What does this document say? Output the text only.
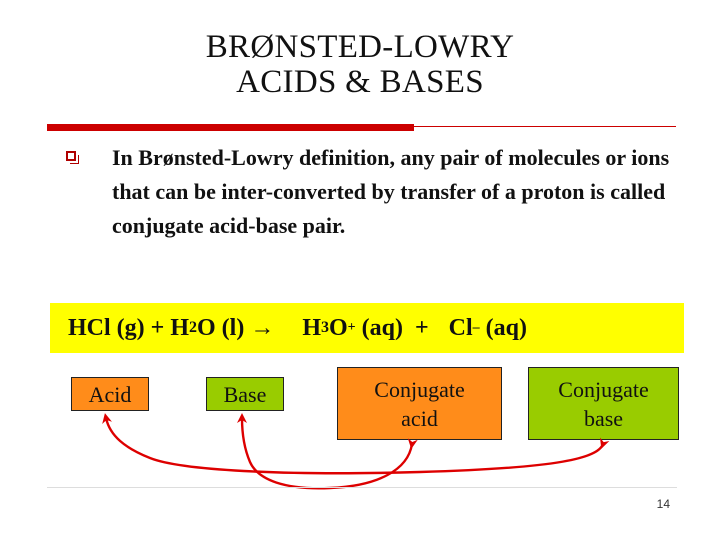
BRØNSTED-LOWRY
ACIDS & BASES
In Brønsted-Lowry definition, any pair of molecules or ions that can be inter-converted by transfer of a proton is called conjugate acid-base pair.
HCl (g) + H 2 O (l) → H 3 O + (aq)  + Cl – (aq)
Acid	Base	Conjugate
acid
Conjugate
base
14
